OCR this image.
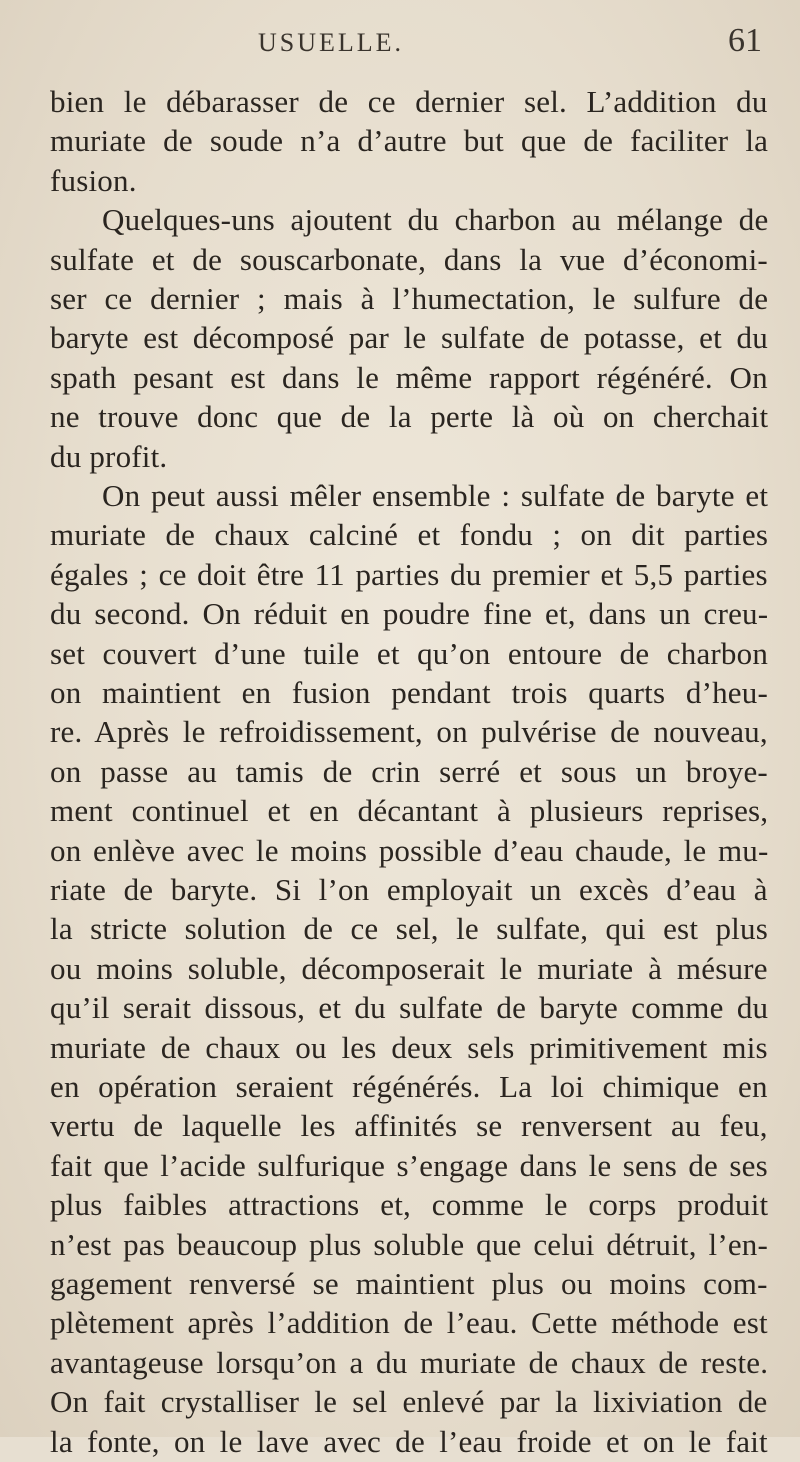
USUELLE.	61
bien le débarasser de ce dernier sel. L’addition du
muriate de soude n’a d’autre but que de faciliter la
fusion.
Quelques-uns ajoutent du charbon au mélange de
sulfate et de souscarbonate, dans la vue d’économi-
ser ce dernier ; mais à l’humectation, le sulfure de
baryte est décomposé par le sulfate de potasse, et du
spath pesant est dans le même rapport régénéré. On
ne trouve donc que de la perte là où on cherchait
du profit.
On peut aussi mêler ensemble : sulfate de baryte et
muriate de chaux calciné et fondu ; on dit parties
égales ; ce doit être 11 parties du premier et 5,5 parties
du second. On réduit en poudre fine et, dans un creu-
set couvert d’une tuile et qu’on entoure de charbon
on maintient en fusion pendant trois quarts d’heu-
re. Après le refroidissement, on pulvérise de nouveau,
on passe au tamis de crin serré et sous un broye-
ment continuel et en décantant à plusieurs reprises,
on enlève avec le moins possible d’eau chaude, le mu-
riate de baryte. Si l’on employait un excès d’eau à
la stricte solution de ce sel, le sulfate, qui est plus
ou moins soluble, décomposerait le muriate à mésure
qu’il serait dissous, et du sulfate de baryte comme du
muriate de chaux ou les deux sels primitivement mis
en opération seraient régénérés. La loi chimique en
vertu de laquelle les affinités se renversent au feu,
fait que l’acide sulfurique s’engage dans le sens de ses
plus faibles attractions et, comme le corps produit
n’est pas beaucoup plus soluble que celui détruit, l’en-
gagement renversé se maintient plus ou moins com-
plètement après l’addition de l’eau. Cette méthode est
avantageuse lorsqu’on a du muriate de chaux de reste.
On fait crystalliser le sel enlevé par la lixiviation de
la fonte, on le lave avec de l’eau froide et on le fait
